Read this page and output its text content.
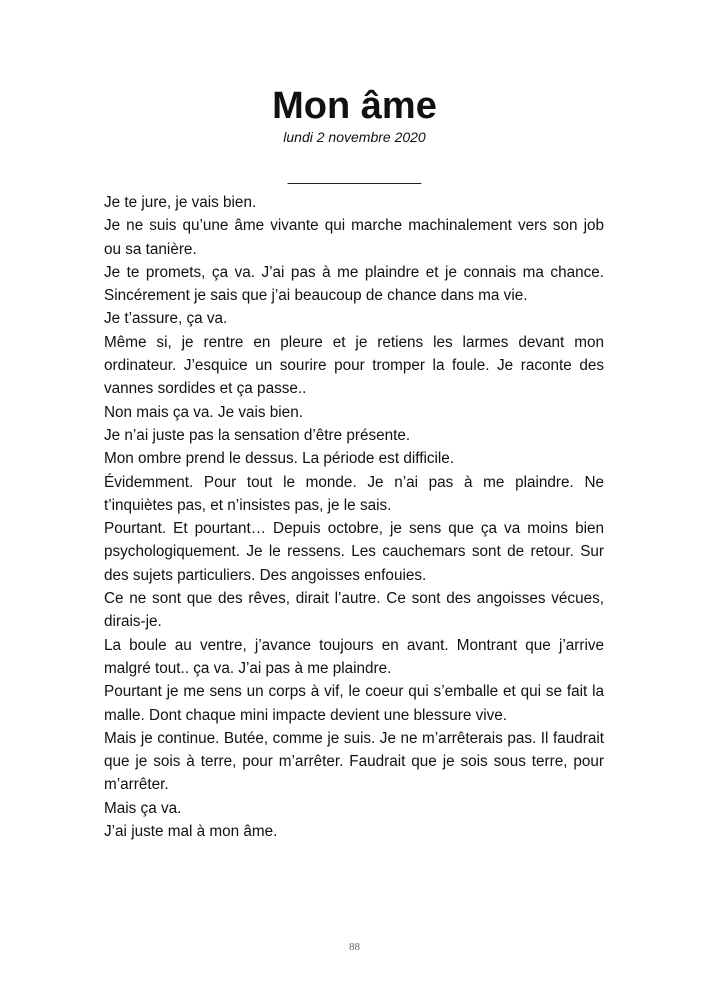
Mon âme
lundi 2 novembre 2020
________________

Je te jure, je vais bien.

Je ne suis qu’une âme vivante qui marche machinalement vers son job ou sa tanière.

Je te promets, ça va. J’ai pas à me plaindre et je connais ma chance. Sincérement je sais que j’ai beaucoup de chance dans ma vie.

Je t’assure, ça va.

Même si, je rentre en pleure et je retiens les larmes devant mon ordinateur. J’esquice un sourire pour tromper la foule. Je raconte des vannes sordides et ça passe..

Non mais ça va. Je vais bien.

Je n’ai juste pas la sensation d’être présente.

Mon ombre prend le dessus. La période est difficile.

Évidemment. Pour tout le monde. Je n’ai pas à me plaindre. Ne t’inquiètes pas, et n’insistes pas, je le sais.

Pourtant. Et pourtant… Depuis octobre, je sens que ça va moins bien psychologiquement. Je le ressens. Les cauchemars sont de retour. Sur des sujets particuliers. Des angoisses enfouies.

Ce ne sont que des rêves, dirait l’autre. Ce sont des angoisses vécues, dirais-je.

La boule au ventre, j’avance toujours en avant. Montrant que j’arrive malgré tout.. ça va. J’ai pas à me plaindre.

Pourtant je me sens un corps à vif, le coeur qui s’emballe et qui se fait la malle. Dont chaque mini impacte devient une blessure vive.

Mais je continue. Butée, comme je suis. Je ne m’arrêterais pas. Il faudrait que je sois à terre, pour m’arrêter. Faudrait que je sois sous terre, pour m’arrêter.

Mais ça va.

J’ai juste mal à mon âme.

88
